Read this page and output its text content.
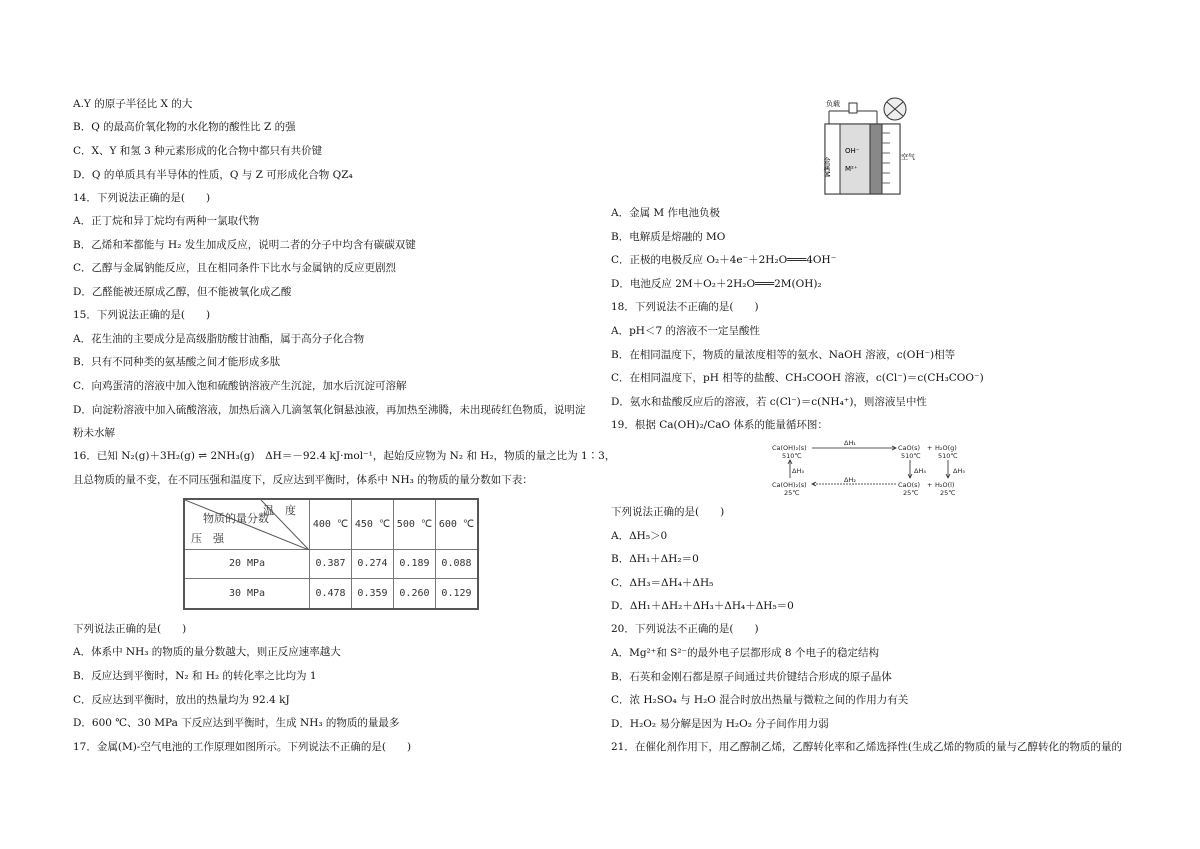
A.Y 的原子半径比 X 的大
B．Q 的最高价氧化物的水化物的酸性比 Z 的强
C．X、Y 和氢 3 种元素形成的化合物中都只有共价键
D．Q 的单质具有半导体的性质，Q 与 Z 可形成化合物 QZ₄
14．下列说法正确的是(　　)
A．正丁烷和异丁烷均有两种一氯取代物
B．乙烯和苯都能与 H₂ 发生加成反应，说明二者的分子中均含有碳碳双键
C．乙醇与金属钠能反应，且在相同条件下比水与金属钠的反应更剧烈
D．乙醛能被还原成乙醇，但不能被氧化成乙酸
15．下列说法正确的是(　　)
A．花生油的主要成分是高级脂肪酸甘油酯，属于高分子化合物
B．只有不同种类的氨基酸之间才能形成多肽
C．向鸡蛋清的溶液中加入饱和硫酸钠溶液产生沉淀，加水后沉淀可溶解
D．向淀粉溶液中加入硫酸溶液，加热后滴入几滴氢氧化铜悬浊液，再加热至沸腾，未出现砖红色物质，说明淀
粉未水解
16．已知 N₂(g)＋3H₂(g) ⇌ 2NH₃(g)　ΔH＝－92.4 kJ·mol⁻¹，起始反应物为 N₂ 和 H₂，物质的量之比为 1∶3，
且总物质的量不变，在不同压强和温度下，反应达到平衡时，体系中 NH₃ 的物质的量分数如下表：
温　度
物质的量分数
压　强	400 ℃	450 ℃	500 ℃	600 ℃
20 MPa	0.387	0.274	0.189	0.088
30 MPa	0.478	0.359	0.260	0.129
下列说法正确的是(　　)
A．体系中 NH₃ 的物质的量分数越大，则正反应速率越大
B．反应达到平衡时，N₂ 和 H₂ 的转化率之比均为 1
C．反应达到平衡时，放出的热量均为 92.4 kJ
D．600 ℃、30 MPa 下反应达到平衡时，生成 NH₃ 的物质的量最多
17．金属(M)-空气电池的工作原理如图所示。下列说法不正确的是(　　)
负载
金属M
OH⁻
M²⁺
空气
A．金属 M 作电池负极
B．电解质是熔融的 MO
C．正极的电极反应 O₂＋4e⁻＋2H₂O═══4OH⁻
D．电池反应 2M＋O₂＋2H₂O═══2M(OH)₂
18．下列说法不正确的是(　　)
A．pH＜7 的溶液不一定呈酸性
B．在相同温度下，物质的量浓度相等的氨水、NaOH 溶液，c(OH⁻)相等
C．在相同温度下，pH 相等的盐酸、CH₃COOH 溶液，c(Cl⁻)＝c(CH₃COO⁻)
D．氨水和盐酸反应后的溶液，若 c(Cl⁻)＝c(NH₄⁺)，则溶液呈中性
19．根据 Ca(OH)₂/CaO 体系的能量循环图：
Ca(OH)₂(s)
510℃
CaO(s)
510℃
+ H₂O(g)
510℃
Ca(OH)₂(s)
25℃
CaO(s)
25℃
+ H₂O(l)
25℃
ΔH₁
ΔH₂
ΔH₃	ΔH₄	ΔH₅
下列说法正确的是(　　)
A．ΔH₅＞0
B．ΔH₁＋ΔH₂＝0
C．ΔH₃＝ΔH₄＋ΔH₅
D．ΔH₁＋ΔH₂＋ΔH₃＋ΔH₄＋ΔH₅＝0
20．下列说法不正确的是(　　)
A．Mg²⁺和 S²⁻的最外电子层都形成 8 个电子的稳定结构
B．石英和金刚石都是原子间通过共价键结合形成的原子晶体
C．浓 H₂SO₄ 与 H₂O 混合时放出热量与微粒之间的作用力有关
D．H₂O₂ 易分解是因为 H₂O₂ 分子间作用力弱
21．在催化剂作用下，用乙醇制乙烯，乙醇转化率和乙烯选择性(生成乙烯的物质的量与乙醇转化的物质的量的
